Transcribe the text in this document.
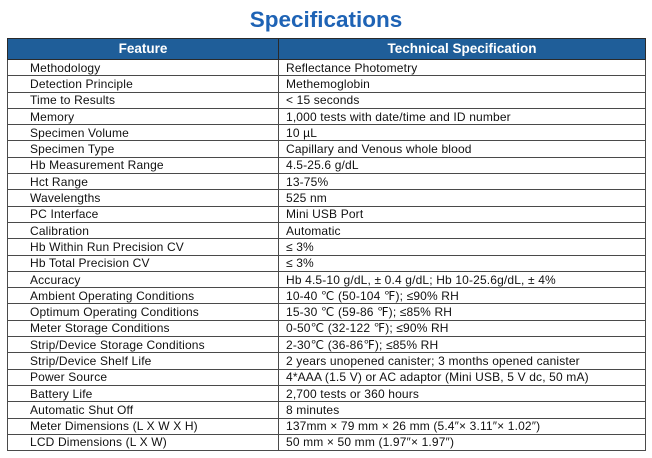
Specifications
Feature	Technical Specification
Methodology	Reflectance Photometry
Detection Principle	Methemoglobin
Time to Results	< 15 seconds
Memory	1,000 tests with date/time and ID number
Specimen Volume	10 µL
Specimen Type	Capillary and Venous whole blood
Hb Measurement Range	4.5-25.6 g/dL
Hct Range	13-75%
Wavelengths	525 nm
PC Interface	Mini USB Port
Calibration	Automatic
Hb Within Run Precision CV	≤ 3%
Hb Total Precision CV	≤ 3%
Accuracy	Hb 4.5-10 g/dL, ± 0.4 g/dL; Hb 10-25.6g/dL, ± 4%
Ambient Operating Conditions	10-40 ℃ (50-104 ℉); ≤90% RH
Optimum Operating Conditions	15-30 ℃ (59-86 ℉); ≤85% RH
Meter Storage Conditions	0-50℃ (32-122 ℉); ≤90% RH
Strip/Device Storage Conditions	2-30℃ (36-86℉); ≤85% RH
Strip/Device Shelf Life	2 years unopened canister; 3 months opened canister
Power Source	4*AAA (1.5 V) or AC adaptor (Mini USB, 5 V dc, 50 mA)
Battery Life	2,700 tests or 360 hours
Automatic Shut Off	8 minutes
Meter Dimensions (L X W X H)	137mm × 79 mm × 26 mm (5.4″× 3.11″× 1.02″)
LCD Dimensions (L X W)	50 mm × 50 mm (1.97″× 1.97″)
